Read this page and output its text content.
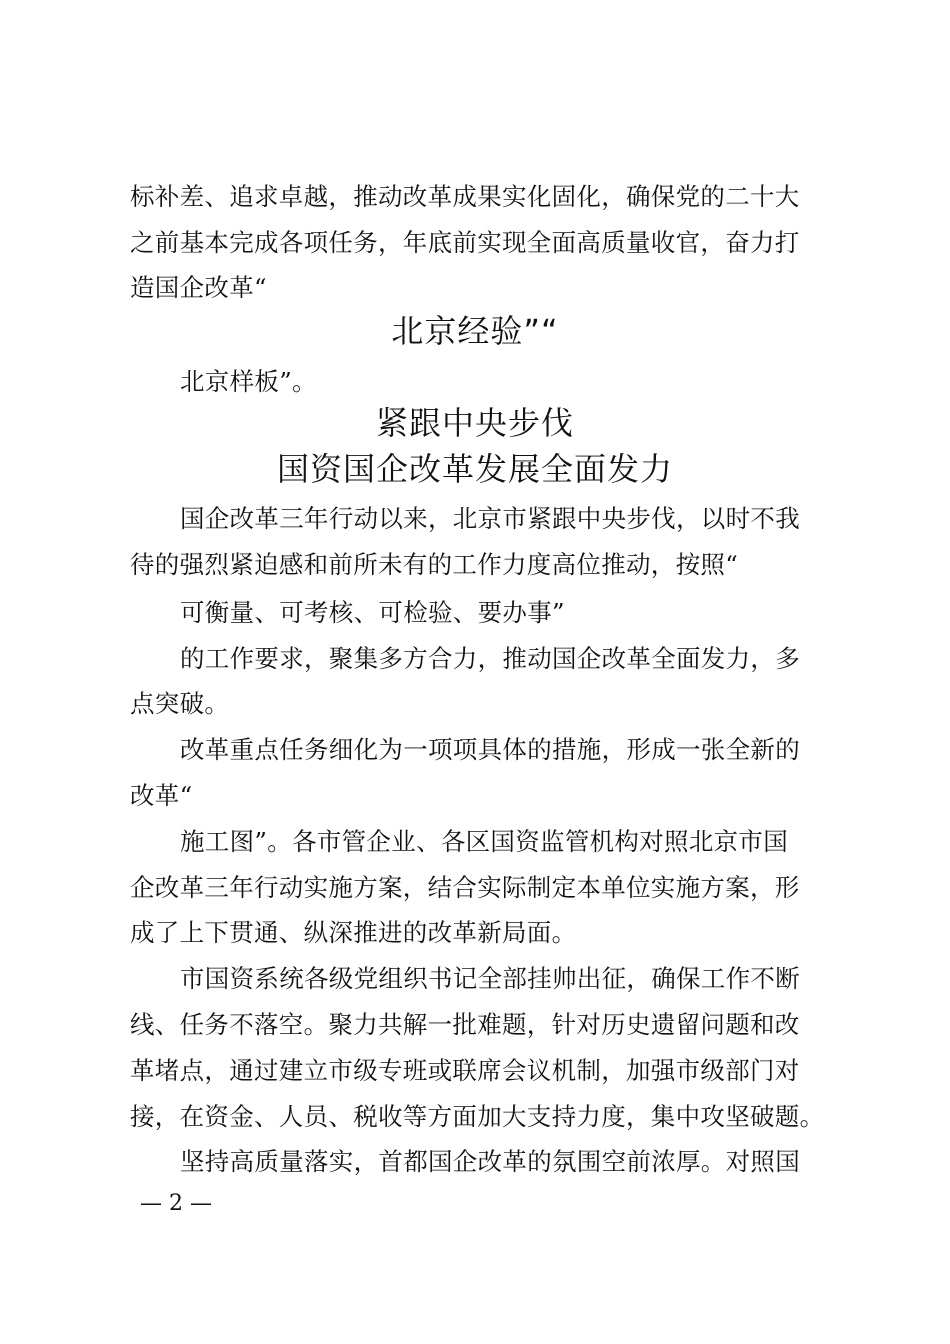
标补差、追求卓越，推动改革成果实化固化，确保党的二十大
之前基本完成各项任务，年底前实现全面高质量收官，奋力打
造国企改革“
北京经验”“
北京样板”。
紧跟中央步伐
国资国企改革发展全面发力
国企改革三年行动以来，北京市紧跟中央步伐，以时不我
待的强烈紧迫感和前所未有的工作力度高位推动，按照“
可衡量、可考核、可检验、要办事”
的工作要求，聚集多方合力，推动国企改革全面发力，多
点突破。
改革重点任务细化为一项项具体的措施，形成一张全新的
改革“
施工图”。各市管企业、各区国资监管机构对照北京市国
企改革三年行动实施方案，结合实际制定本单位实施方案，形
成了上下贯通、纵深推进的改革新局面。
市国资系统各级党组织书记全部挂帅出征，确保工作不断
线、任务不落空。聚力共解一批难题，针对历史遗留问题和改
革堵点，通过建立市级专班或联席会议机制，加强市级部门对
接，在资金、人员、税收等方面加大支持力度，集中攻坚破题。
坚持高质量落实，首都国企改革的氛围空前浓厚。对照国
— 2 —
